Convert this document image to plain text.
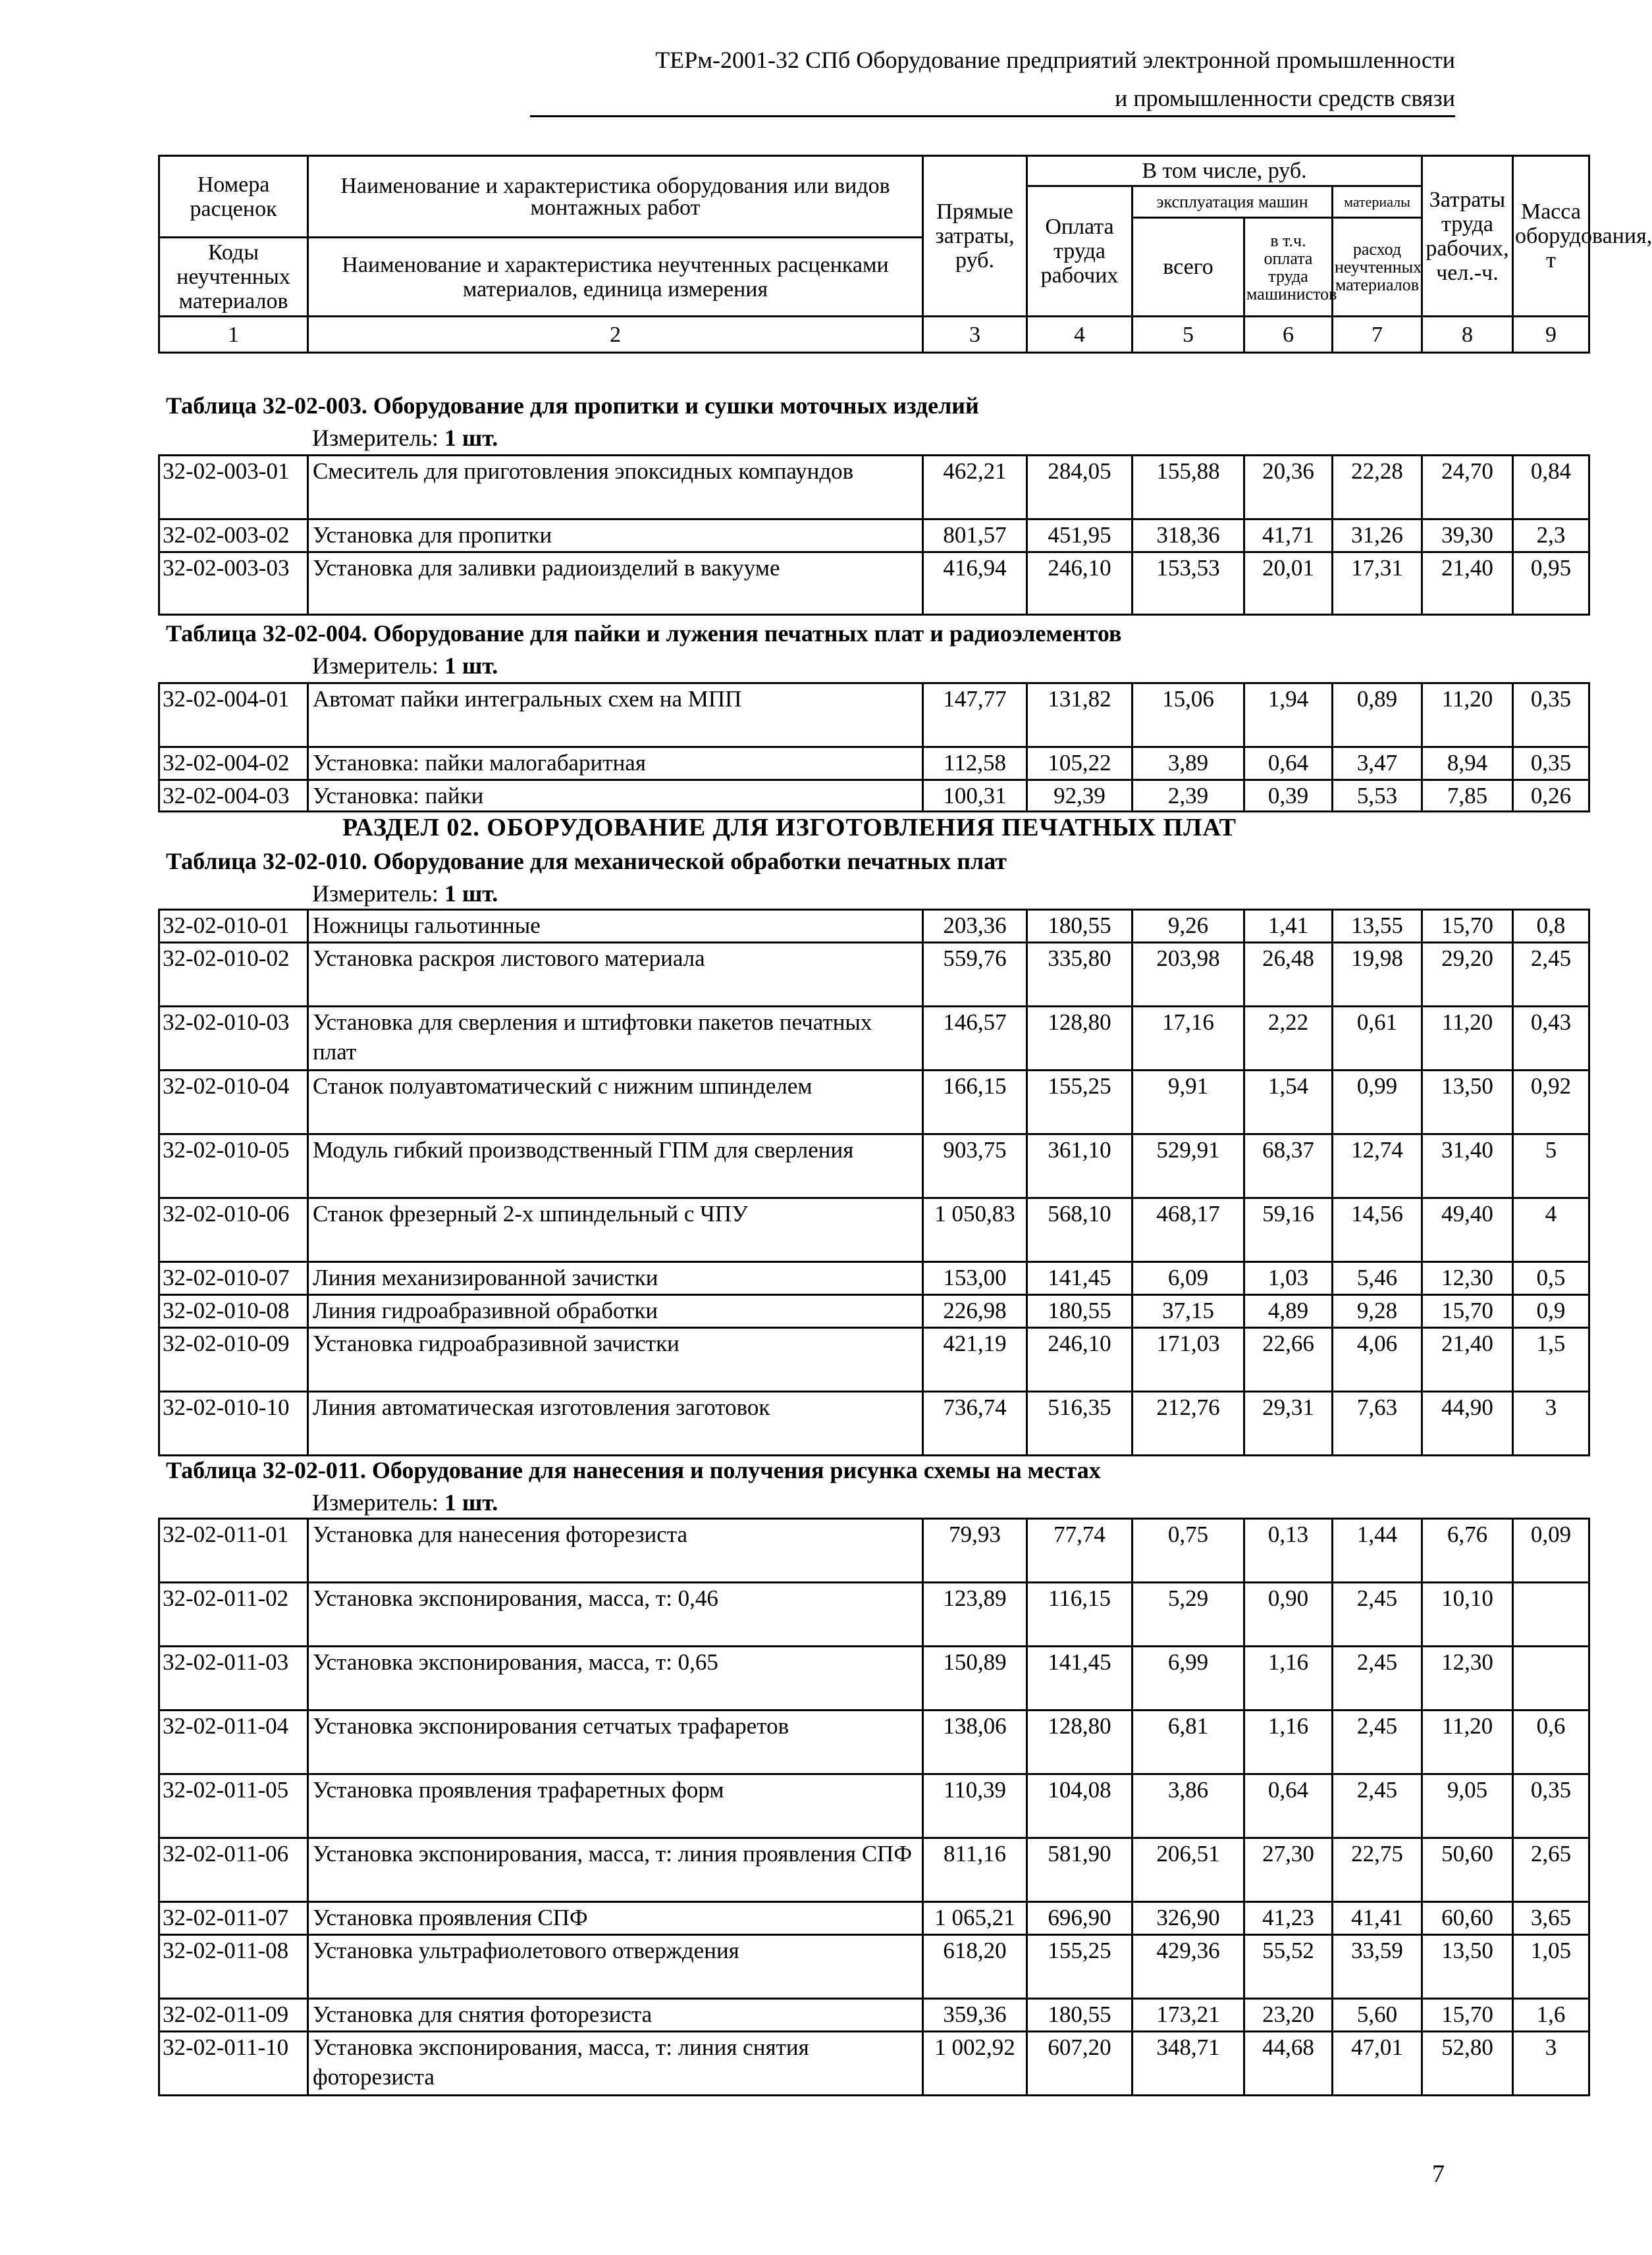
ТЕРм-2001-32 СПб Оборудование предприятий электронной промышленности
и промышленности средств связи
Номера расценок	Наименование и характеристика оборудования или видов монтажных работ	Прямые затраты, руб.	В том числе, руб.				Затраты труда рабочих, чел.-ч.	Масса оборудования, т
			Оплата труда рабочих	эксплуатация машин		материалы		
				всего	в т.ч. оплата труда машинистов	расход неучтенных материалов		
Коды неучтенных материалов	Наименование и характеристика неучтенных расценками материалов, единица измерения							

1	2	3	4	5	6	7	8	9
Таблица 32-02-003. Оборудование для пропитки и сушки моточных изделий
Измеритель: 1 шт.
32-02-003-01	Смеситель для приготовления эпоксидных компаундов	462,21	284,05	155,88	20,36	22,28	24,70	0,84
32-02-003-02	Установка для пропитки	801,57	451,95	318,36	41,71	31,26	39,30	2,3
32-02-003-03	Установка для заливки радиоизделий в вакууме	416,94	246,10	153,53	20,01	17,31	21,40	0,95
Таблица 32-02-004. Оборудование для пайки и лужения печатных плат и радиоэлементов
Измеритель: 1 шт.
32-02-004-01	Автомат пайки интегральных схем на МПП	147,77	131,82	15,06	1,94	0,89	11,20	0,35
32-02-004-02	Установка: пайки малогабаритная	112,58	105,22	3,89	0,64	3,47	8,94	0,35
32-02-004-03	Установка: пайки	100,31	92,39	2,39	0,39	5,53	7,85	0,26
РАЗДЕЛ 02. ОБОРУДОВАНИЕ ДЛЯ ИЗГОТОВЛЕНИЯ ПЕЧАТНЫХ ПЛАТ
Таблица 32-02-010. Оборудование для механической обработки печатных плат
Измеритель: 1 шт.
32-02-010-01	Ножницы гальотинные	203,36	180,55	9,26	1,41	13,55	15,70	0,8
32-02-010-02	Установка раскроя листового материала	559,76	335,80	203,98	26,48	19,98	29,20	2,45
32-02-010-03	Установка для сверления и штифтовки пакетов печатных плат	146,57	128,80	17,16	2,22	0,61	11,20	0,43
32-02-010-04	Станок полуавтоматический с нижним шпинделем	166,15	155,25	9,91	1,54	0,99	13,50	0,92
32-02-010-05	Модуль гибкий производственный ГПМ для сверления	903,75	361,10	529,91	68,37	12,74	31,40	5
32-02-010-06	Станок фрезерный 2-х шпиндельный с ЧПУ	1 050,83	568,10	468,17	59,16	14,56	49,40	4
32-02-010-07	Линия механизированной зачистки	153,00	141,45	6,09	1,03	5,46	12,30	0,5
32-02-010-08	Линия гидроабразивной обработки	226,98	180,55	37,15	4,89	9,28	15,70	0,9
32-02-010-09	Установка гидроабразивной зачистки	421,19	246,10	171,03	22,66	4,06	21,40	1,5
32-02-010-10	Линия автоматическая изготовления заготовок	736,74	516,35	212,76	29,31	7,63	44,90	3
Таблица 32-02-011. Оборудование для нанесения и получения рисунка схемы на местах
Измеритель: 1 шт.
32-02-011-01	Установка для нанесения фоторезиста	79,93	77,74	0,75	0,13	1,44	6,76	0,09
32-02-011-02	Установка экспонирования, масса, т: 0,46	123,89	116,15	5,29	0,90	2,45	10,10	
32-02-011-03	Установка экспонирования, масса, т: 0,65	150,89	141,45	6,99	1,16	2,45	12,30	
32-02-011-04	Установка экспонирования сетчатых трафаретов	138,06	128,80	6,81	1,16	2,45	11,20	0,6
32-02-011-05	Установка проявления трафаретных форм	110,39	104,08	3,86	0,64	2,45	9,05	0,35
32-02-011-06	Установка экспонирования, масса, т: линия проявления СПФ	811,16	581,90	206,51	27,30	22,75	50,60	2,65
32-02-011-07	Установка проявления СПФ	1 065,21	696,90	326,90	41,23	41,41	60,60	3,65
32-02-011-08	Установка ультрафиолетового отверждения	618,20	155,25	429,36	55,52	33,59	13,50	1,05
32-02-011-09	Установка для снятия фоторезиста	359,36	180,55	173,21	23,20	5,60	15,70	1,6
32-02-011-10	Установка экспонирования, масса, т: линия снятия фоторезиста	1 002,92	607,20	348,71	44,68	47,01	52,80	3
7
